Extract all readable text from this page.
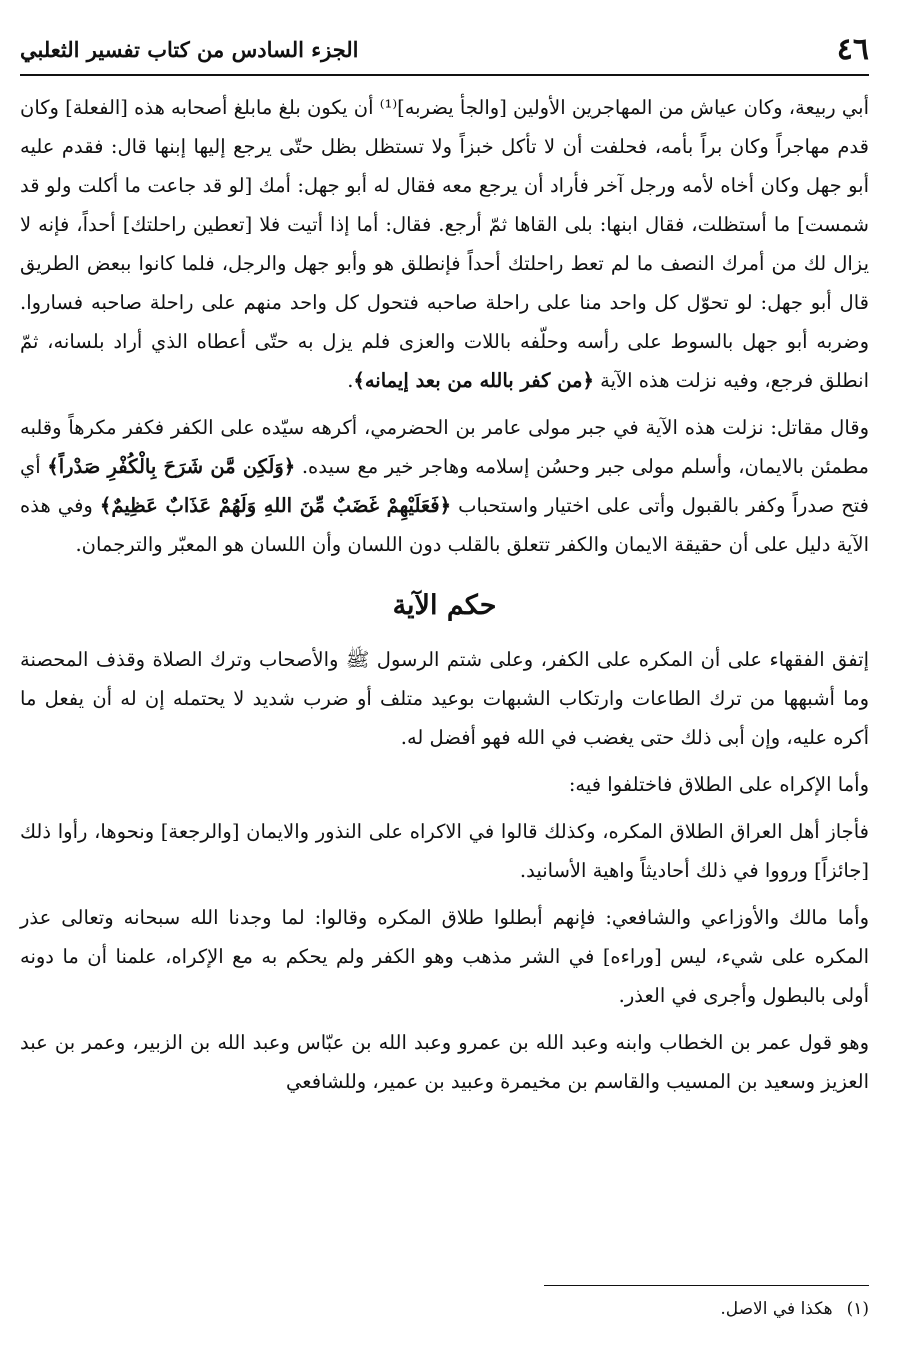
٤٦
الجزء السادس من كتاب تفسير الثعلبي

أبي ربيعة، وكان عياش من المهاجرين الأولين [والجأ يضربه]⁽¹⁾ أن يكون بلغ مابلغ أصحابه هذه [الفعلة] وكان قدم مهاجراً وكان براً بأمه، فحلفت أن لا تأكل خبزاً ولا تستظل بظل حتّى يرجع إليها إبنها قال: فقدم عليه أبو جهل وكان أخاه لأمه ورجل آخر فأراد أن يرجع معه فقال له أبو جهل: أمك [لو قد جاعت ما أكلت ولو قد شمست] ما أستظلت، فقال ابنها: بلى القاها ثمّ أرجع. فقال: أما إذا أتيت فلا [تعطين راحلتك] أحداً، فإنه لا يزال لك من أمرك النصف ما لم تعط راحلتك أحداً فإنطلق هو وأبو جهل والرجل، فلما كانوا ببعض الطريق قال أبو جهل: لو تحوّل كل واحد منا على راحلة صاحبه فتحول كل واحد منهم على راحلة صاحبه فساروا. وضربه أبو جهل بالسوط على رأسه وحلّفه باللات والعزى فلم يزل به حتّى أعطاه الذي أراد بلسانه، ثمّ انطلق فرجع، وفيه نزلت هذه الآية ﴿من كفر بالله من بعد إيمانه﴾.

وقال مقاتل: نزلت هذه الآية في جبر مولى عامر بن الحضرمي، أكرهه سيّده على الكفر فكفر مكرهاً وقلبه مطمئن بالايمان، وأسلم مولى جبر وحسُن إسلامه وهاجر خير مع سيده. ﴿وَلَكِن مَّن شَرَحَ بِالْكُفْرِ صَدْراً﴾ أي فتح صدراً وكفر بالقبول وأتى على اختيار واستحباب ﴿فَعَلَيْهِمْ غَضَبٌ مِّنَ اللهِ وَلَهُمْ عَذَابٌ عَظِيمٌ﴾ وفي هذه الآية دليل على أن حقيقة الايمان والكفر تتعلق بالقلب دون اللسان وأن اللسان هو المعبّر والترجمان.

حكم الآية

إتفق الفقهاء على أن المكره على الكفر، وعلى شتم الرسول ﷺ والأصحاب وترك الصلاة وقذف المحصنة وما أشبهها من ترك الطاعات وارتكاب الشبهات بوعيد متلف أو ضرب شديد لا يحتمله إن له أن يفعل ما أكره عليه، وإن أبى ذلك حتى يغضب في الله فهو أفضل له.

وأما الإكراه على الطلاق فاختلفوا فيه:

فأجاز أهل العراق الطلاق المكره، وكذلك قالوا في الاكراه على النذور والايمان [والرجعة] ونحوها، رأوا ذلك [جائزاً] ورووا في ذلك أحاديثاً واهية الأسانيد.

وأما مالك والأوزاعي والشافعي: فإنهم أبطلوا طلاق المكره وقالوا: لما وجدنا الله سبحانه وتعالى عذر المكره على شيء، ليس [وراءه] في الشر مذهب وهو الكفر ولم يحكم به مع الإكراه، علمنا أن ما دونه أولى بالبطول وأجرى في العذر.

وهو قول عمر بن الخطاب وابنه وعبد الله بن عمرو وعبد الله بن عبّاس وعبد الله بن الزبير، وعمر بن عبد العزيز وسعيد بن المسيب والقاسم بن مخيمرة وعبيد بن عمير، وللشافعي

(١)هكذا في الاصل.
